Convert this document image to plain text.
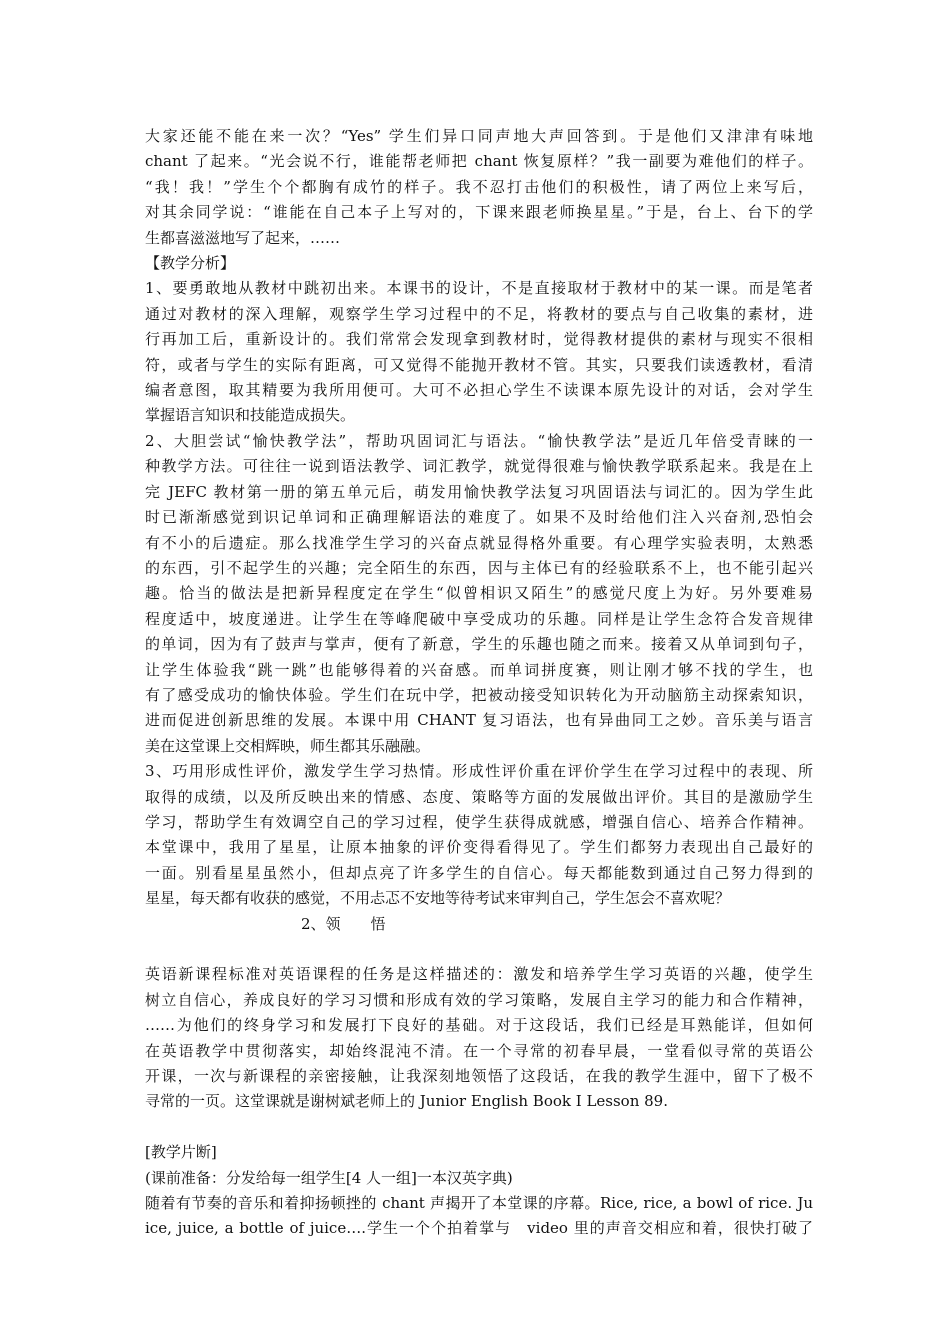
大家还能不能在来一次？“Yes” 学生们异口同声地大声回答到。于是他们又津津有味地
chant 了起来。“光会说不行，谁能帮老师把 chant 恢复原样？”我一副要为难他们的样子。
“我！我！”学生个个都胸有成竹的样子。我不忍打击他们的积极性，请了两位上来写后，
对其余同学说：“谁能在自己本子上写对的，下课来跟老师换星星。”于是，台上、台下的学
生都喜滋滋地写了起来，……
【教学分析】
1、要勇敢地从教材中跳初出来。本课书的设计，不是直接取材于教材中的某一课。而是笔者
通过对教材的深入理解，观察学生学习过程中的不足，将教材的要点与自己收集的素材，进
行再加工后，重新设计的。我们常常会发现拿到教材时，觉得教材提供的素材与现实不很相
符，或者与学生的实际有距离，可又觉得不能抛开教材不管。其实，只要我们读透教材，看清
编者意图，取其精要为我所用便可。大可不必担心学生不读课本原先设计的对话，会对学生
掌握语言知识和技能造成损失。
2、大胆尝试“愉快教学法”，帮助巩固词汇与语法。“愉快教学法”是近几年倍受青睐的一
种教学方法。可往往一说到语法教学、词汇教学，就觉得很难与愉快教学联系起来。我是在上
完 JEFC 教材第一册的第五单元后，萌发用愉快教学法复习巩固语法与词汇的。因为学生此
时已渐渐感觉到识记单词和正确理解语法的难度了。如果不及时给他们注入兴奋剂,恐怕会
有不小的后遗症。那么找准学生学习的兴奋点就显得格外重要。有心理学实验表明，太熟悉
的东西，引不起学生的兴趣；完全陌生的东西，因与主体已有的经验联系不上，也不能引起兴
趣。恰当的做法是把新异程度定在学生“似曾相识又陌生”的感觉尺度上为好。另外要难易
程度适中，坡度递进。让学生在等峰爬破中享受成功的乐趣。同样是让学生念符合发音规律
的单词，因为有了鼓声与掌声，便有了新意，学生的乐趣也随之而来。接着又从单词到句子，
让学生体验我“跳一跳”也能够得着的兴奋感。而单词拼度赛，则让刚才够不找的学生，也
有了感受成功的愉快体验。学生们在玩中学，把被动接受知识转化为开动脑筋主动探索知识，
进而促进创新思维的发展。本课中用 CHANT 复习语法，也有异曲同工之妙。音乐美与语言
美在这堂课上交相辉映，师生都其乐融融。
3、巧用形成性评价，激发学生学习热情。形成性评价重在评价学生在学习过程中的表现、所
取得的成绩，以及所反映出来的情感、态度、策略等方面的发展做出评价。其目的是激励学生
学习，帮助学生有效调空自己的学习过程，使学生获得成就感，增强自信心、培养合作精神。
本堂课中，我用了星星，让原本抽象的评价变得看得见了。学生们都努力表现出自己最好的
一面。别看星星虽然小，但却点亮了许多学生的自信心。每天都能数到通过自己努力得到的
星星，每天都有收获的感觉，不用忐忑不安地等待考试来审判自己，学生怎会不喜欢呢？
2、领　　悟
英语新课程标准对英语课程的任务是这样描述的：激发和培养学生学习英语的兴趣，使学生
树立自信心，养成良好的学习习惯和形成有效的学习策略，发展自主学习的能力和合作精神，
……为他们的终身学习和发展打下良好的基础。对于这段话，我们已经是耳熟能详，但如何
在英语教学中贯彻落实，却始终混沌不清。在一个寻常的初春早晨，一堂看似寻常的英语公
开课，一次与新课程的亲密接触，让我深刻地领悟了这段话，在我的教学生涯中，留下了极不
寻常的一页。这堂课就是谢树斌老师上的 Junior English Book I Lesson 89.
[教学片断]
(课前准备：分发给每一组学生[4 人一组]一本汉英字典)
随着有节奏的音乐和着抑扬顿挫的 chant 声揭开了本堂课的序幕。Rice, rice, a bowl of rice. Ju
ice, juice, a bottle of juice….学生一个个拍着掌与　video 里的声音交相应和着，很快打破了
